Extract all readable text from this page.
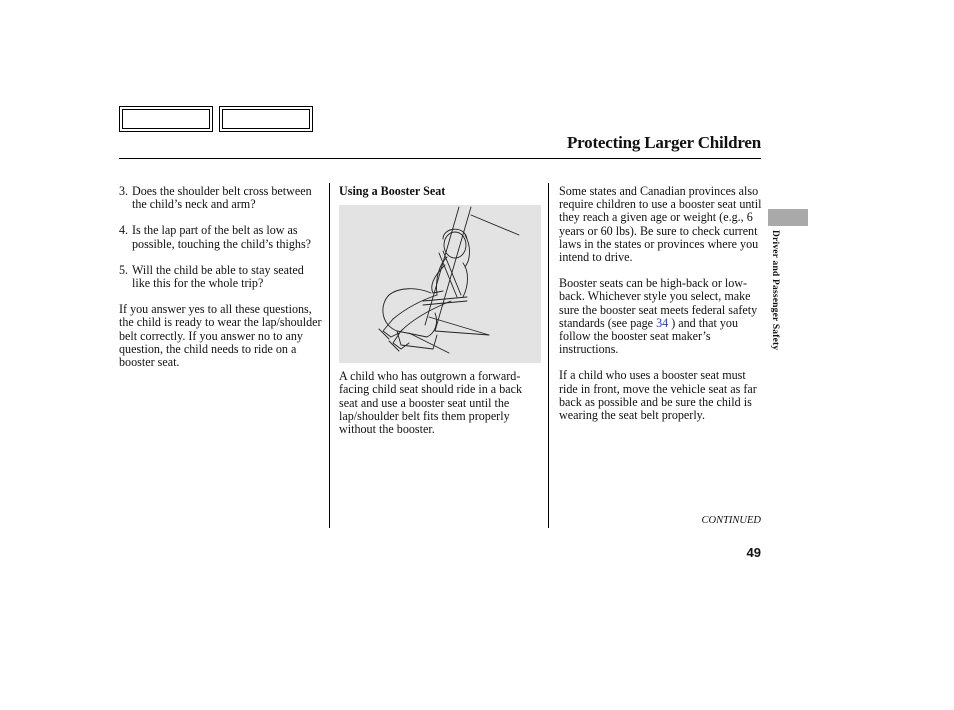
Protecting Larger Children
3. Does the shoulder belt cross between the child’s neck and arm?
4. Is the lap part of the belt as low as possible, touching the child’s thighs?
5. Will the child be able to stay seated like this for the whole trip?

If you answer yes to all these questions, the child is ready to wear the lap/shoulder belt correctly. If you answer no to any question, the child needs to ride on a booster seat.

Using a Booster Seat

A child who has outgrown a forward-facing child seat should ride in a back seat and use a booster seat until the lap/shoulder belt fits them properly without the booster.

Some states and Canadian provinces also require children to use a booster seat until they reach a given age or weight (e.g., 6 years or 60 lbs). Be sure to check current laws in the states or provinces where you intend to drive.

Booster seats can be high-back or low-back. Whichever style you select, make sure the booster seat meets federal safety standards (see page 34 ) and that you follow the booster seat maker’s instructions.

If a child who uses a booster seat must ride in front, move the vehicle seat as far back as possible and be sure the child is wearing the seat belt properly.

Driver and Passenger Safety
CONTINUED
49
